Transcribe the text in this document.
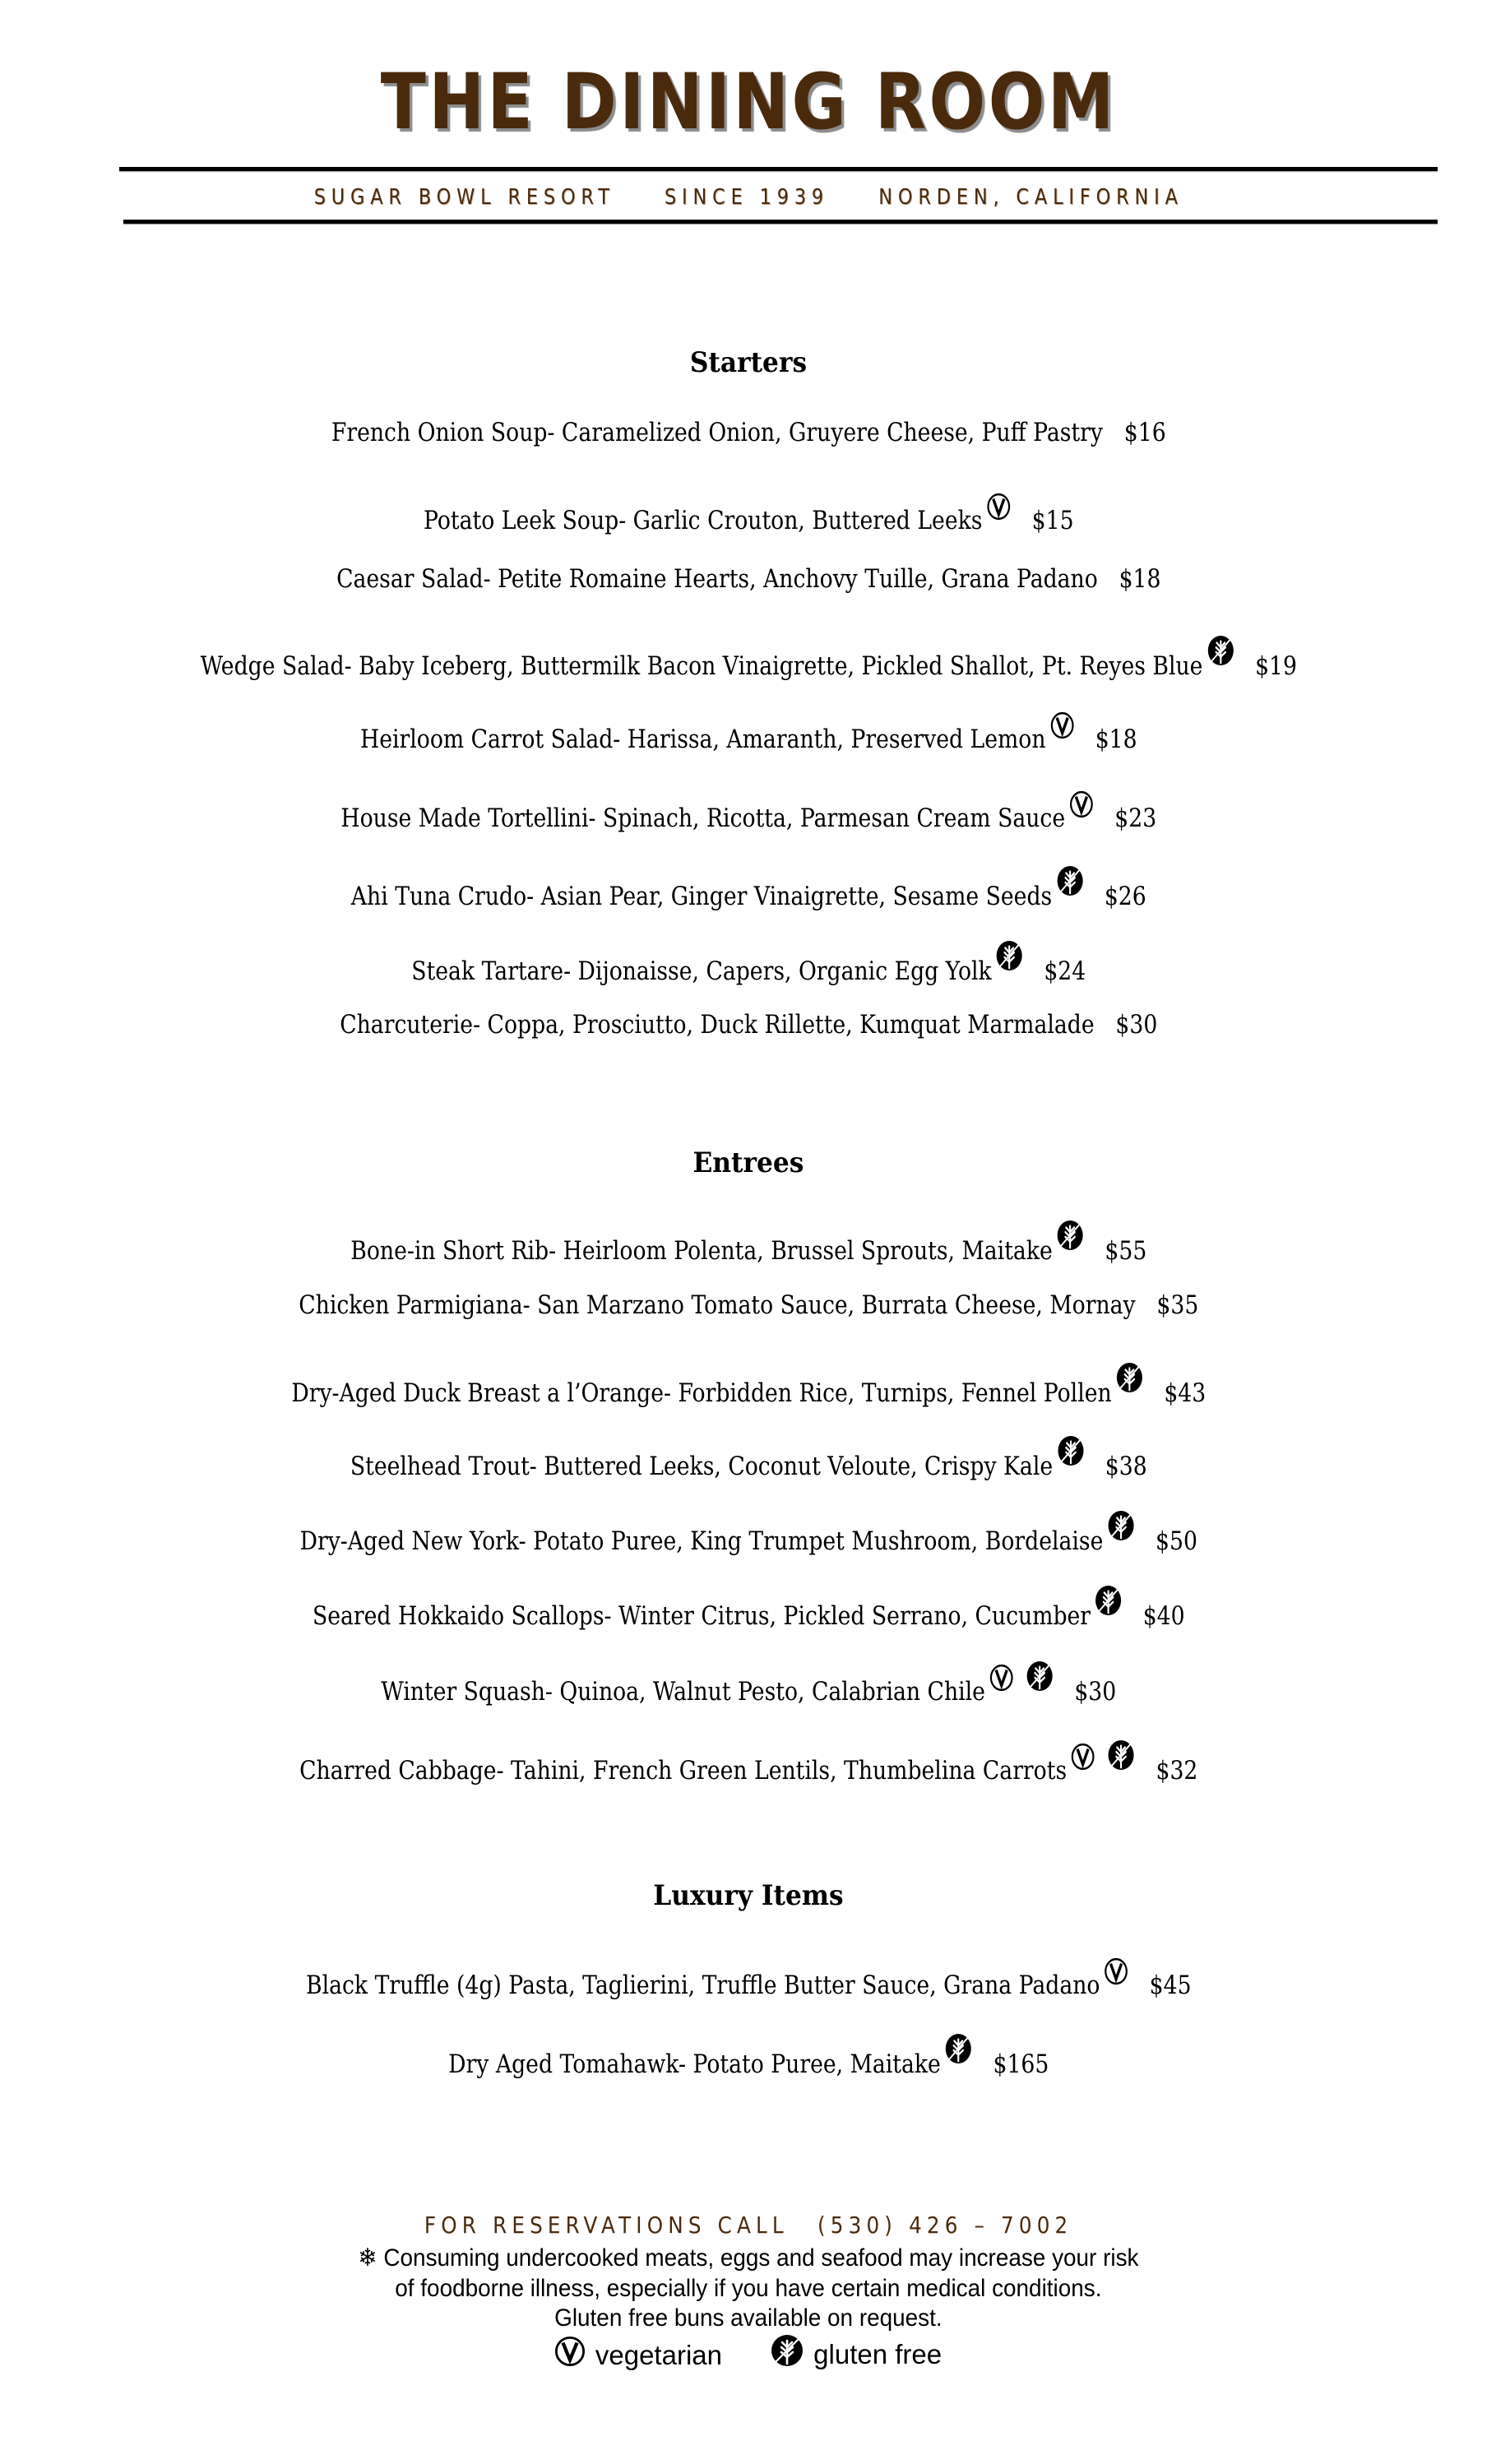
THE DINING ROOM
SUGAR BOWL RESORT SINCE 1939 NORDEN, CALIFORNIA
Starters
French Onion Soup- Caramelized Onion, Gruyere Cheese, Puff Pastry $16
Potato Leek Soup- Garlic Crouton, Buttered Leeks $15
Caesar Salad- Petite Romaine Hearts, Anchovy Tuille, Grana Padano $18
Wedge Salad- Baby Iceberg, Buttermilk Bacon Vinaigrette, Pickled Shallot, Pt. Reyes Blue $19
Heirloom Carrot Salad- Harissa, Amaranth, Preserved Lemon $18
House Made Tortellini- Spinach, Ricotta, Parmesan Cream Sauce $23
Ahi Tuna Crudo- Asian Pear, Ginger Vinaigrette, Sesame Seeds $26
Steak Tartare- Dijonaisse, Capers, Organic Egg Yolk $24
Charcuterie- Coppa, Prosciutto, Duck Rillette, Kumquat Marmalade $30
Entrees
Bone-in Short Rib- Heirloom Polenta, Brussel Sprouts, Maitake $55
Chicken Parmigiana- San Marzano Tomato Sauce, Burrata Cheese, Mornay $35
Dry-Aged Duck Breast a l’Orange- Forbidden Rice, Turnips, Fennel Pollen $43
Steelhead Trout- Buttered Leeks, Coconut Veloute, Crispy Kale $38
Dry-Aged New York- Potato Puree, King Trumpet Mushroom, Bordelaise $50
Seared Hokkaido Scallops- Winter Citrus, Pickled Serrano, Cucumber $40
Winter Squash- Quinoa, Walnut Pesto, Calabrian Chile	$30
Charred Cabbage- Tahini, French Green Lentils, Thumbelina Carrots	$32
Luxury Items
Black Truffle (4g) Pasta, Taglierini, Truffle Butter Sauce, Grana Padano $45
Dry Aged Tomahawk- Potato Puree, Maitake $165
FOR RESERVATIONS CALL (530) 426 – 7002
❄ Consuming undercooked meats, eggs and seafood may increase your risk
of foodborne illness, especially if you have certain medical conditions.
Gluten free buns available on request.
vegetarian
	gluten free
